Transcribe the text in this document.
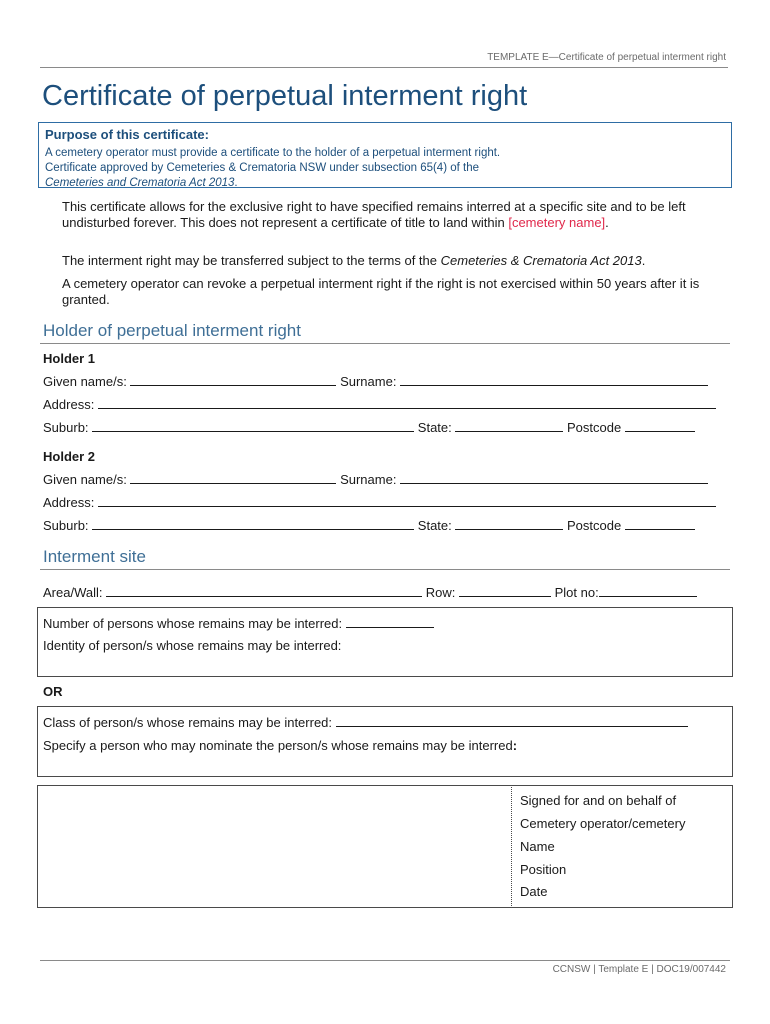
TEMPLATE E—Certificate of perpetual interment right
Certificate of perpetual interment right
Purpose of this certificate:
A cemetery operator must provide a certificate to the holder of a perpetual interment right.
Certificate approved by Cemeteries & Crematoria NSW under subsection 65(4) of the
Cemeteries and Crematoria Act 2013.
This certificate allows for the exclusive right to have specified remains interred at a specific site and to be left undisturbed forever. This does not represent a certificate of title to land within [cemetery name].
The interment right may be transferred subject to the terms of the Cemeteries & Crematoria Act 2013.
A cemetery operator can revoke a perpetual interment right if the right is not exercised within 50 years after it is granted.
Holder of perpetual interment right
Holder 1
Given name/s:	Surname:
Address:
Suburb:	State:	Postcode
Holder 2
Given name/s:	Surname:
Address:
Suburb:	State:	Postcode
Interment site
Area/Wall:	Row:	Plot no:
Number of persons whose remains may be interred:
Identity of person/s whose remains may be interred:
OR
Class of person/s whose remains may be interred:
Specify a person who may nominate the person/s whose remains may be interred:
Signed for and on behalf of
Cemetery operator/cemetery
Name
Position
Date
CCNSW | Template E | DOC19/007442
